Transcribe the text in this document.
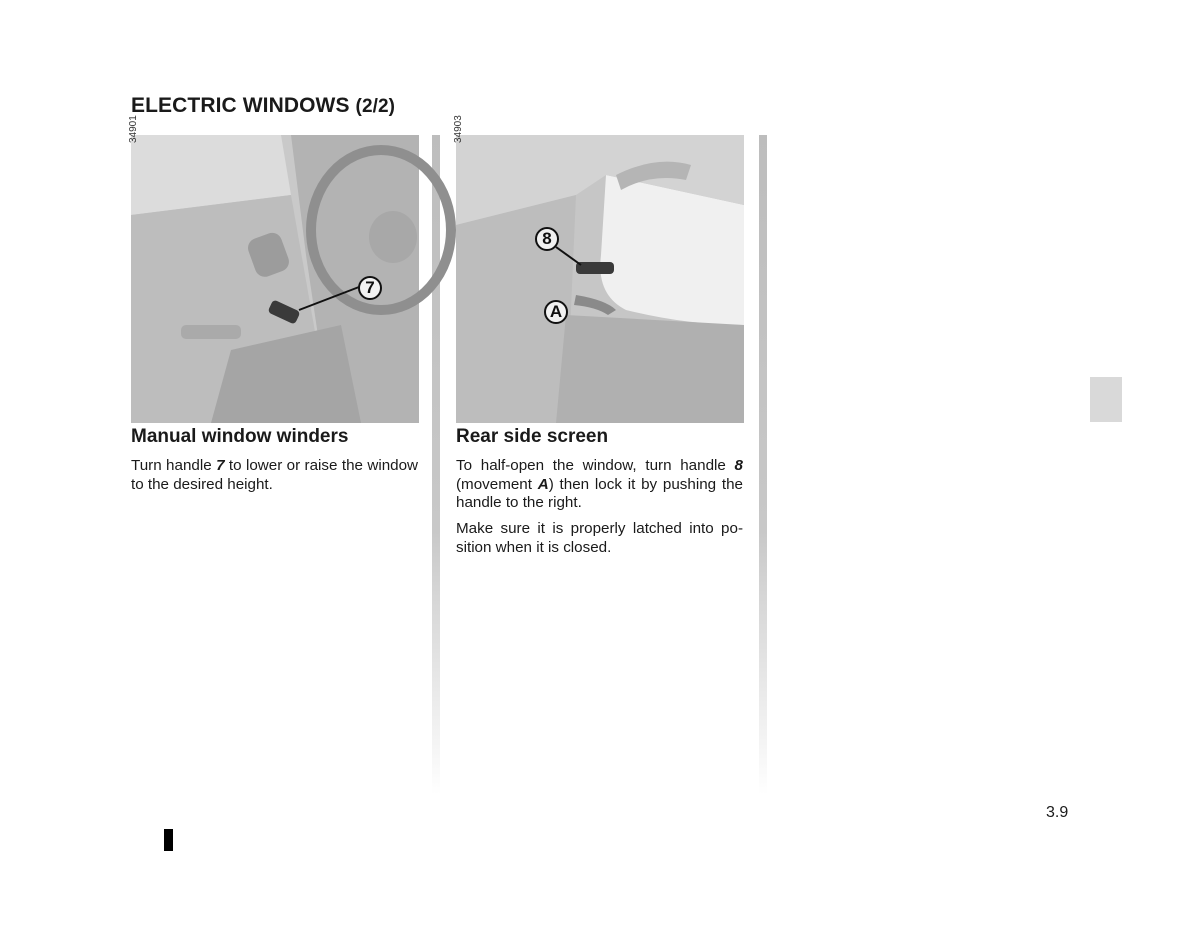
ELECTRIC WINDOWS (2/2)
34901
7
34903
8
A
Manual window winders	Rear side screen

Turn handle 7 to lower or raise the window to the desired height.

To half-open the window, turn handle 8 (movement A) then lock it by pushing the handle to the right.

Make sure it is properly latched into po-sition when it is closed.

3.9
